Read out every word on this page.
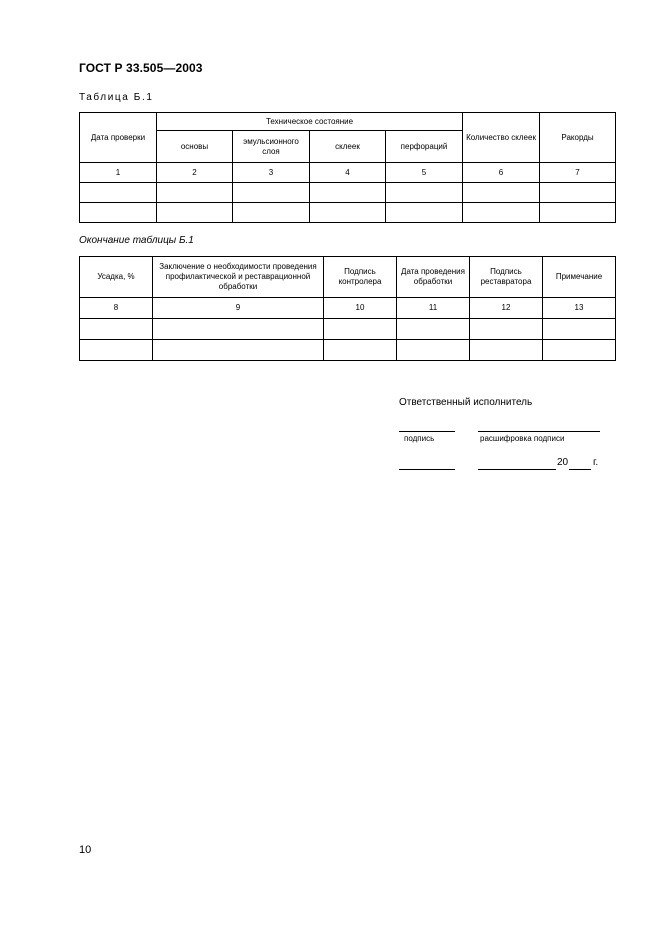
ГОСТ Р 33.505—2003
Таблица Б.1
Дата проверки	Техническое состояние				Количество склеек	Ракорды
	основы	эмульсионного слоя	склеек	перфораций		
1	2	3	4	5	6	7

Окончание таблицы Б.1
Усадка, %	Заключение о необходимости проведения профилактической и реставрационной обработки	Подпись контролера	Дата проведения обработки	Подпись реставратора	Примечание
8	9	10	11	12	13

Ответственный исполнитель
подпись	расшифровка подписи
20 г.
10
